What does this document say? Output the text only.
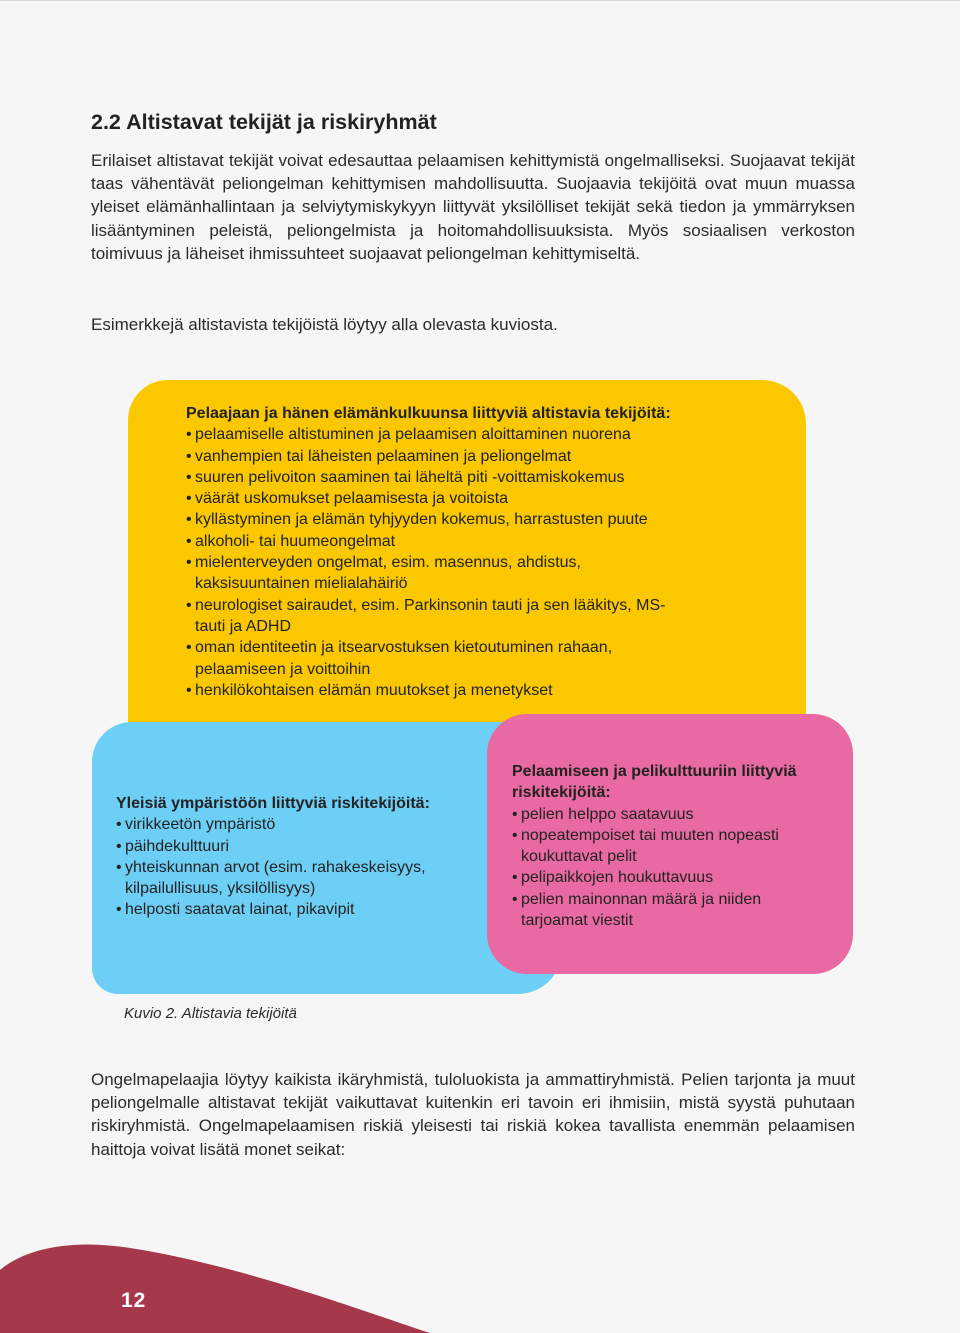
2.2 Altistavat tekijät ja riskiryhmät

Erilaiset altistavat tekijät voivat edesauttaa pelaamisen kehittymistä ongelmalliseksi. Suojaavat tekijät taas vähentävät peliongelman kehittymisen mahdollisuutta. Suojaavia tekijöitä ovat muun muassa yleiset elämänhallintaan ja selviytymiskykyyn liittyvät yksilölliset tekijät sekä tiedon ja ymmärryksen lisääntyminen peleistä, peliongelmista ja hoitomahdollisuuksista. Myös sosiaalisen verkoston toimivuus ja läheiset ihmissuhteet suojaavat peliongelman kehittymiseltä.

Esimerkkejä altistavista tekijöistä löytyy alla olevasta kuviosta.

Pelaajaan ja hänen elämänkulkuunsa liittyviä altistavia tekijöitä:
• pelaamiselle altistuminen ja pelaamisen aloittaminen nuorena
• vanhempien tai läheisten pelaaminen ja peliongelmat
• suuren pelivoiton saaminen tai läheltä piti -voittamiskokemus
• väärät uskomukset pelaamisesta ja voitoista
• kyllästyminen ja elämän tyhjyyden kokemus, harrastusten puute
• alkoholi- tai huumeongelmat
• mielenterveyden ongelmat, esim. masennus, ahdistus, kaksisuuntainen mielialahäiriö
• neurologiset sairaudet, esim. Parkinsonin tauti ja sen lääkitys, MS-tauti ja ADHD
• oman identiteetin ja itsearvostuksen kietoutuminen rahaan, pelaamiseen ja voittoihin
• henkilökohtaisen elämän muutokset ja menetykset
Yleisiä ympäristöön liittyviä riskitekijöitä:
• virikkeetön ympäristö
• päihdekulttuuri
• yhteiskunnan arvot (esim. rahakeskeisyys, kilpailullisuus, yksilöllisyys)
• helposti saatavat lainat, pikavipit
Pelaamiseen ja pelikulttuuriin liittyviä riskitekijöitä:
• pelien helppo saatavuus
• nopeatempoiset tai muuten nopeasti koukuttavat pelit
• pelipaikkojen houkuttavuus
• pelien mainonnan määrä ja niiden tarjoamat viestit
Kuvio 2. Altistavia tekijöitä

Ongelmapelaajia löytyy kaikista ikäryhmistä, tuloluokista ja ammattiryhmistä. Pelien tarjonta ja muut peliongelmalle altistavat tekijät vaikuttavat kuitenkin eri tavoin eri ihmisiin, mistä syystä puhutaan riskiryhmistä. Ongelmapelaamisen riskiä yleisesti tai riskiä kokea tavallista enemmän pelaamisen haittoja voivat lisätä monet seikat:

12
